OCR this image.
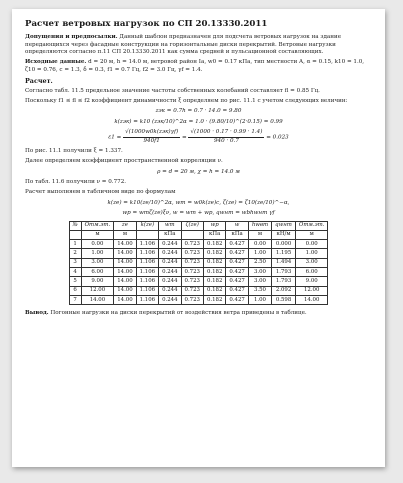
Расчет ветровых нагрузок по СП 20.13330.2011

Допущения и предпосылки. Данный шаблон предназначен для подсчета ветровых нагрузок на здание передающихся через фасадные конструкции на горизонтальные диски перекрытий. Ветровые нагрузки определяются согласно п.11 СП 20.13330.2011 как сумма средней и пульсационной составляющих.

Исходные данные. d = 20 м, h = 14.0 м, ветровой район Iа, w0 = 0.17 кПа, тип местности A, α = 0.15, k10 = 1.0, ζ10 = 0.76, c = 1.3, δ = 0.3, f1 = 0.7 Гц, f2 = 3.0 Гц, γf = 1.4.

Расчет.

Согласно табл. 11.5 предельное значение частоты собственных колебаний составляет fl = 0.85 Гц.

Поскольку f1 ≤ fl ≤ f2 коэффициент динамичности ξ определяем по рис. 11.1 с учетом следующих величин:

zэк = 0.7h = 0.7 · 14.0 = 9.80
k(zэк) = k10 (zэк/10)^2α = 1.0 · (9.80/10)^(2·0.15) = 0.99
$\varepsilon 1 = \frac{\text{√(1000w0k(zэк)γf)}}{940f1} = \frac{√(1000 \cdot 0.17 \cdot 0.99 \cdot 1.4)}{940 \cdot 0.7} = 0.023$

По рис. 11.1 получили ξ = 1.337.

Далее определяем коэффициент пространственной корреляции ν.

ρ = d = 20 м, χ = h = 14.0 м

По табл. 11.6 получили ν = 0.772.

Расчет выполняем в табличном виде по формулам

k(ze) = k10(ze/10)^2α, wm = w0k(ze)c, ζ(ze) = ζ10(ze/10)^−α,
wp = wmζ(ze)ξν, w = wm + wp, qwнт = wbhwнт γf
№	Отм.эт.	ze	k(ze)	wm	ζ(ze)	wp	w	hwвт	qwнт	Отм.эт.
	м	м		кПа		кПа	кПа	м	кН/м	м
1	0.00	14.00	1.106	0.244	0.723	0.182	0.427	0.00	0.000	0.00
2	1.00	14.00	1.106	0.244	0.723	0.182	0.427	1.00	1.195	1.00
3	3.00	14.00	1.106	0.244	0.723	0.182	0.427	2.50	1.494	3.00
4	6.00	14.00	1.106	0.244	0.723	0.182	0.427	3.00	1.793	6.00
5	9.00	14.00	1.106	0.244	0.723	0.182	0.427	3.00	1.793	9.00
6	12.00	14.00	1.106	0.244	0.723	0.182	0.427	3.50	2.092	12.00
7	14.00	14.00	1.106	0.244	0.723	0.182	0.427	1.00	0.598	14.00

Вывод. Погонные нагрузки на диски перекрытий от воздействия ветра приведены в таблице.
